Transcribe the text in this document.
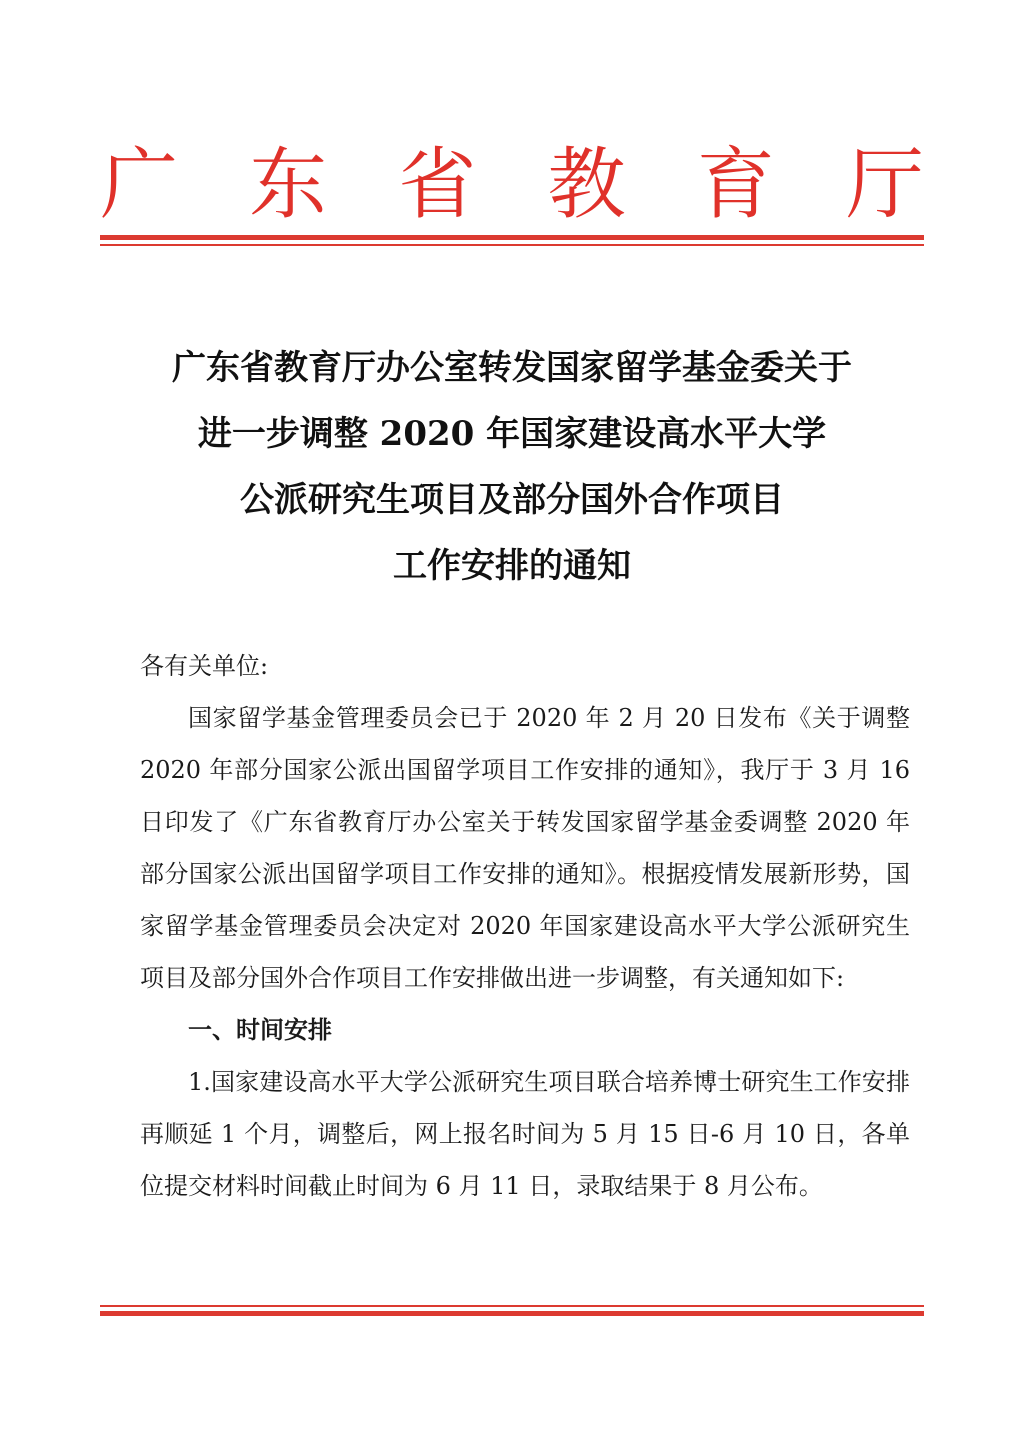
广 东 省 教 育 厅
广东省教育厅办公室转发国家留学基金委关于
进一步调整 2020 年国家建设高水平大学
公派研究生项目及部分国外合作项目
工作安排的通知

各有关单位:

国家留学基金管理委员会已于 2020 年 2 月 20 日发布《关于调整 2020 年部分国家公派出国留学项目工作安排的通知》，我厅于 3 月 16 日印发了《广东省教育厅办公室关于转发国家留学基金委调整 2020 年部分国家公派出国留学项目工作安排的通知》。根据疫情发展新形势，国家留学基金管理委员会决定对 2020 年国家建设高水平大学公派研究生项目及部分国外合作项目工作安排做出进一步调整，有关通知如下:

一、时间安排

1.国家建设高水平大学公派研究生项目联合培养博士研究生工作安排再顺延 1 个月，调整后，网上报名时间为 5 月 15 日-6 月 10 日，各单位提交材料时间截止时间为 6 月 11 日，录取结果于 8 月公布。
